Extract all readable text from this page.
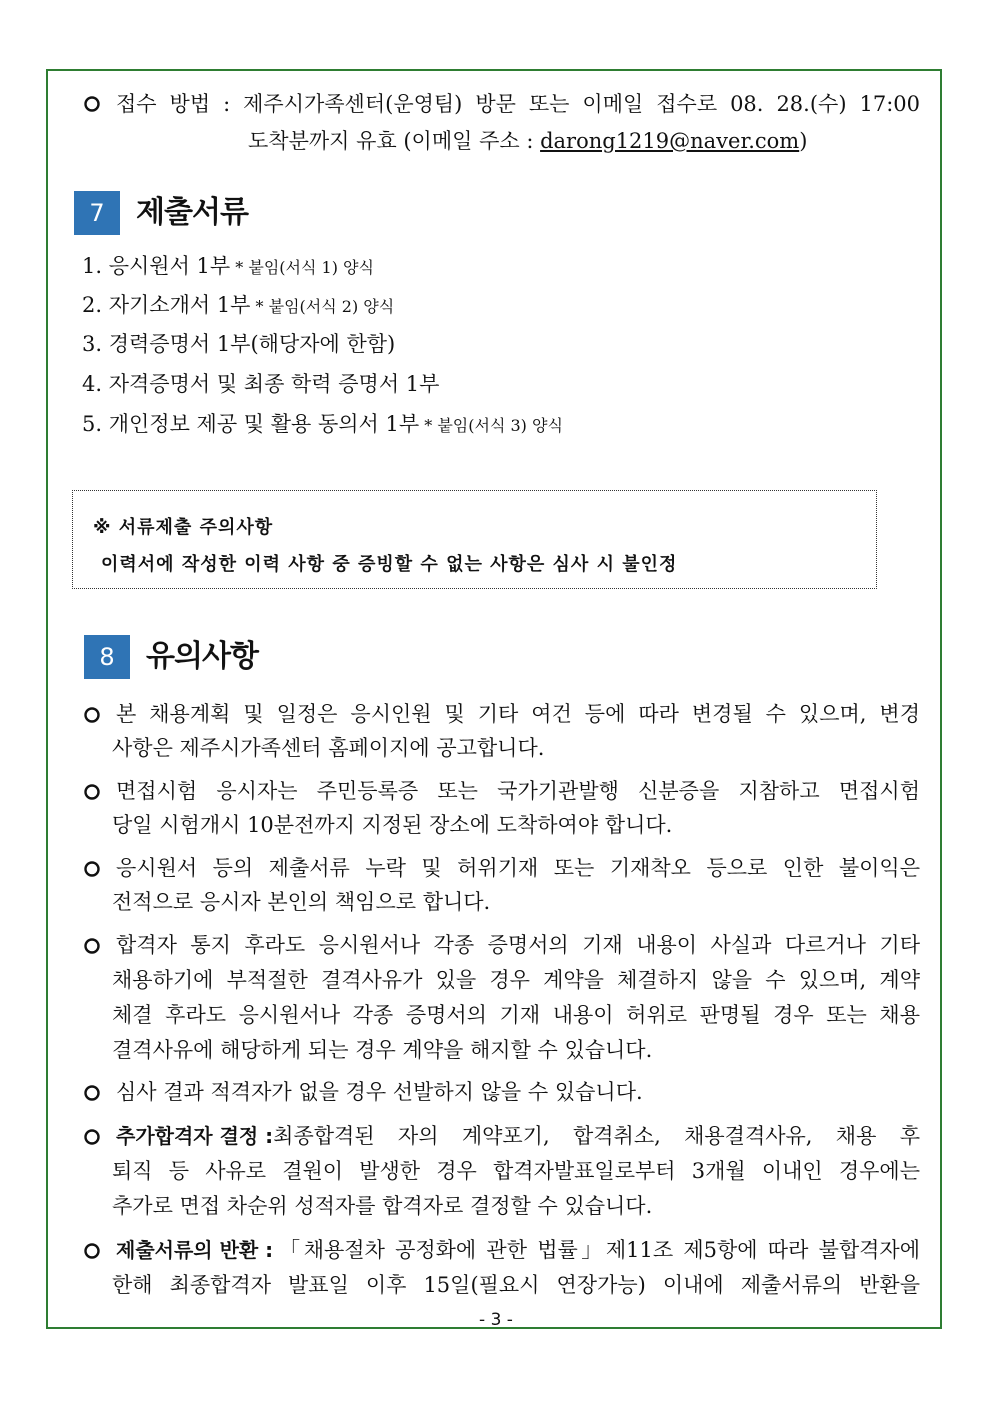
접수 방법 : 제주시가족센터(운영팀) 방문 또는 이메일 접수로 08. 28.(수) 17:00
도착분까지 유효 (이메일 주소 : darong1219@naver.com)
7	제출서류
1. 응시원서 1부 * 붙임(서식 1) 양식
2. 자기소개서 1부 * 붙임(서식 2) 양식
3. 경력증명서 1부(해당자에 한함)
4. 자격증명서 및 최종 학력 증명서 1부
5. 개인정보 제공 및 활용 동의서 1부 * 붙임(서식 3) 양식
※ 서류제출 주의사항
이력서에 작성한 이력 사항 중 증빙할 수 없는 사항은 심사 시 불인정
8	유의사항
본 채용계획 및 일정은 응시인원 및 기타 여건 등에 따라 변경될 수 있으며, 변경
사항은 제주시가족센터 홈페이지에 공고합니다.
면접시험 응시자는 주민등록증 또는 국가기관발행 신분증을 지참하고 면접시험
당일 시험개시 10분전까지 지정된 장소에 도착하여야 합니다.
응시원서 등의 제출서류 누락 및 허위기재 또는 기재착오 등으로 인한 불이익은
전적으로 응시자 본인의 책임으로 합니다.
합격자 통지 후라도 응시원서나 각종 증명서의 기재 내용이 사실과 다르거나 기타
채용하기에 부적절한 결격사유가 있을 경우 계약을 체결하지 않을 수 있으며, 계약
체결 후라도 응시원서나 각종 증명서의 기재 내용이 허위로 판명될 경우 또는 채용
결격사유에 해당하게 되는 경우 계약을 해지할 수 있습니다.
심사 결과 적격자가 없을 경우 선발하지 않을 수 있습니다.
추가합격자 결정 : 최종합격된 자의 계약포기, 합격취소, 채용결격사유, 채용 후
퇴직 등 사유로 결원이 발생한 경우 합격자발표일로부터 3개월 이내인 경우에는
추가로 면접 차순위 성적자를 합격자로 결정할 수 있습니다.
제출서류의 반환 : 「채용절차 공정화에 관한 법률」제11조 제5항에 따라 불합격자에
한해 최종합격자 발표일 이후 15일(필요시 연장가능) 이내에 제출서류의 반환을
- 3 -
